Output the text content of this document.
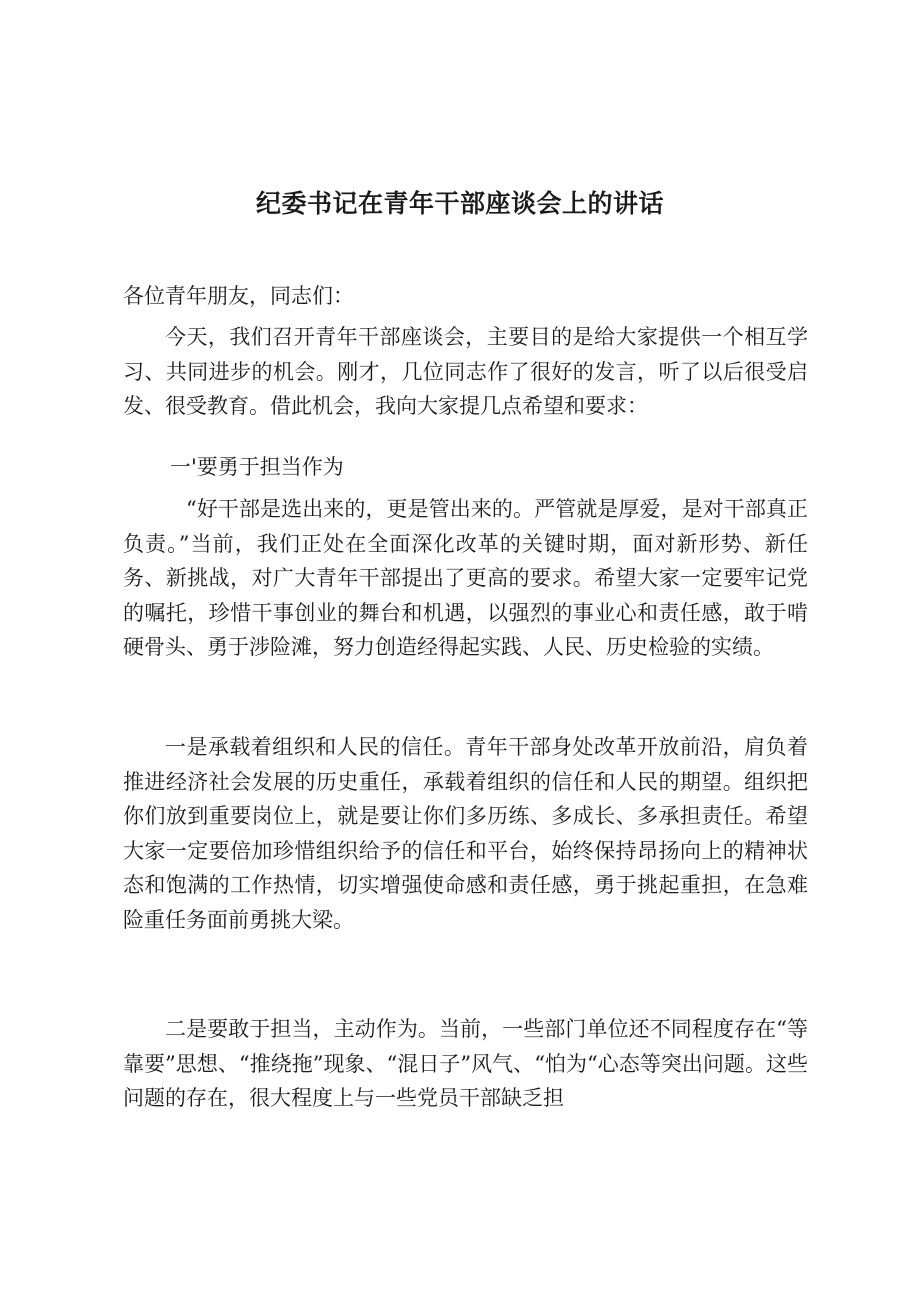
纪委书记在青年干部座谈会上的讲话

各位青年朋友，同志们：

今天，我们召开青年干部座谈会，主要目的是给大家提供一个相互学习、共同进步的机会。刚才，几位同志作了很好的发言，听了以后很受启发、很受教育。借此机会，我向大家提几点希望和要求：

一'要勇于担当作为

“好干部是选出来的，更是管出来的。严管就是厚爱，是对干部真正负责。”当前，我们正处在全面深化改革的关键时期，面对新形势、新任务、新挑战，对广大青年干部提出了更高的要求。希望大家一定要牢记党的嘱托，珍惜干事创业的舞台和机遇，以强烈的事业心和责任感，敢于啃硬骨头、勇于涉险滩，努力创造经得起实践、人民、历史检验的实绩。

一是承载着组织和人民的信任。青年干部身处改革开放前沿，肩负着推进经济社会发展的历史重任，承载着组织的信任和人民的期望。组织把你们放到重要岗位上，就是要让你们多历练、多成长、多承担责任。希望大家一定要倍加珍惜组织给予的信任和平台，始终保持昂扬向上的精神状态和饱满的工作热情，切实增强使命感和责任感，勇于挑起重担，在急难险重任务面前勇挑大梁。

二是要敢于担当，主动作为。当前，一些部门单位还不同程度存在“等靠要”思想、“推绕拖”现象、“混日子”风气、“怕为“心态等突出问题。这些问题的存在，很大程度上与一些党员干部缺乏担
